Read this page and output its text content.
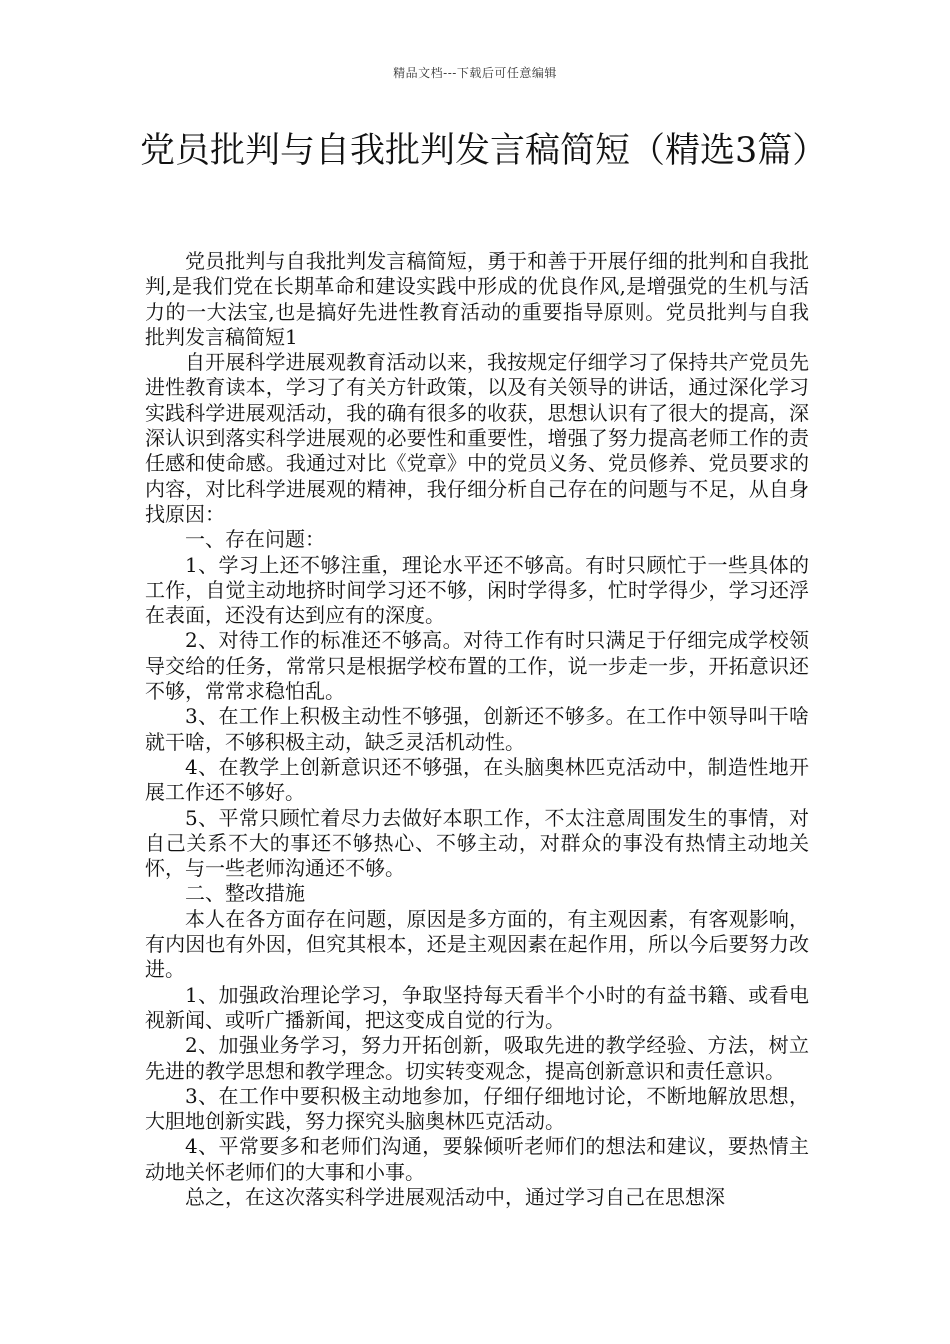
精品文档---下载后可任意编辑
党员批判与自我批判发言稿简短（精选3篇）

党员批判与自我批判发言稿简短，勇于和善于开展仔细的批判和自我批判,是我们党在长期革命和建设实践中形成的优良作风,是增强党的生机与活力的一大法宝,也是搞好先进性教育活动的重要指导原则。党员批判与自我批判发言稿简短1

自开展科学进展观教育活动以来，我按规定仔细学习了保持共产党员先进性教育读本，学习了有关方针政策，以及有关领导的讲话，通过深化学习实践科学进展观活动，我的确有很多的收获，思想认识有了很大的提高，深深认识到落实科学进展观的必要性和重要性，增强了努力提高老师工作的责任感和使命感。我通过对比《党章》中的党员义务、党员修养、党员要求的内容，对比科学进展观的精神，我仔细分析自己存在的问题与不足，从自身找原因：

一、存在问题：

1、学习上还不够注重，理论水平还不够高。有时只顾忙于一些具体的工作，自觉主动地挤时间学习还不够，闲时学得多，忙时学得少，学习还浮在表面，还没有达到应有的深度。

2、对待工作的标准还不够高。对待工作有时只满足于仔细完成学校领导交给的任务，常常只是根据学校布置的工作，说一步走一步，开拓意识还不够，常常求稳怕乱。

3、在工作上积极主动性不够强，创新还不够多。在工作中领导叫干啥就干啥，不够积极主动，缺乏灵活机动性。

4、在教学上创新意识还不够强，在头脑奥林匹克活动中，制造性地开展工作还不够好。

5、平常只顾忙着尽力去做好本职工作，不太注意周围发生的事情，对自己关系不大的事还不够热心、不够主动，对群众的事没有热情主动地关怀，与一些老师沟通还不够。

二、整改措施

本人在各方面存在问题，原因是多方面的，有主观因素，有客观影响，有内因也有外因，但究其根本，还是主观因素在起作用，所以今后要努力改进。

1、加强政治理论学习，争取坚持每天看半个小时的有益书籍、或看电视新闻、或听广播新闻，把这变成自觉的行为。

2、加强业务学习，努力开拓创新，吸取先进的教学经验、方法，树立先进的教学思想和教学理念。切实转变观念，提高创新意识和责任意识。

3、在工作中要积极主动地参加，仔细仔细地讨论，不断地解放思想，大胆地创新实践，努力探究头脑奥林匹克活动。

4、平常要多和老师们沟通，要躲倾听老师们的想法和建议，要热情主动地关怀老师们的大事和小事。

总之，在这次落实科学进展观活动中，通过学习自己在思想深
